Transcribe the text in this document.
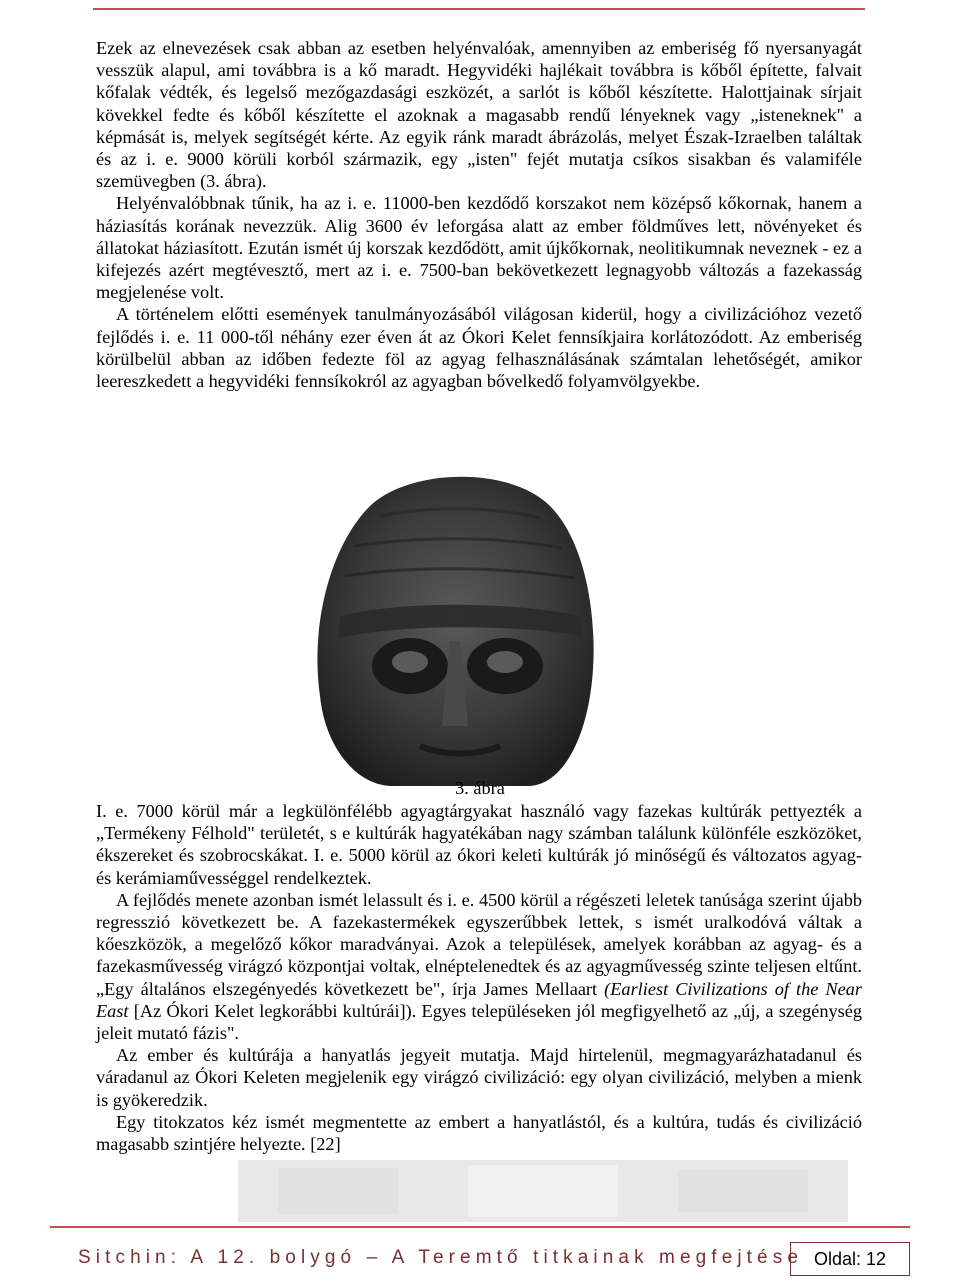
Ezek az elnevezések csak abban az esetben helyénvalóak, amennyiben az emberiség fő nyersanyagát vesszük alapul, ami továbbra is a kő maradt. Hegyvidéki hajlékait továbbra is kőből építette, falvait kőfalak védték, és legelső mezőgazdasági eszközét, a sarlót is kőből készítette. Halottjainak sírjait kövekkel fedte és kőből készítette el azoknak a magasabb rendű lényeknek vagy „isteneknek" a képmását is, melyek segítségét kérte. Az egyik ránk maradt ábrázolás, melyet Észak-Izraelben találtak és az i. e. 9000 körüli korból származik, egy „isten" fejét mutatja csíkos sisakban és valamiféle szemüvegben (3. ábra).

Helyénvalóbbnak tűnik, ha az i. e. 11000-ben kezdődő korszakot nem középső kőkornak, hanem a háziasítás korának nevezzük. Alig 3600 év leforgása alatt az ember földműves lett, növényeket és állatokat háziasított. Ezután ismét új korszak kezdődött, amit újkőkornak, neolitikumnak neveznek - ez a kifejezés azért megtévesztő, mert az i. e. 7500-ban bekövetkezett legnagyobb változás a fazekasság megjelenése volt.

A történelem előtti események tanulmányozásából világosan kiderül, hogy a civilizációhoz vezető fejlődés i. e. 11 000-től néhány ezer éven át az Ókori Kelet fennsíkjaira korlátozódott. Az emberiség körülbelül abban az időben fedezte föl az agyag felhasználásának számtalan lehetőségét, amikor leereszkedett a hegyvidéki fennsíkokról az agyagban bővelkedő folyamvölgyekbe.

3. ábra

I. e. 7000 körül már a legkülönfélébb agyagtárgyakat használó vagy fazekas kultúrák pettyezték a „Termékeny Félhold" területét, s e kultúrák hagyatékában nagy számban találunk különféle eszközöket, ékszereket és szobrocskákat. I. e. 5000 körül az ókori keleti kultúrák jó minőségű és változatos agyag- és kerámiaművességgel rendelkeztek.

A fejlődés menete azonban ismét lelassult és i. e. 4500 körül a régészeti leletek tanúsága szerint újabb regresszió következett be. A fazekastermékek egyszerűbbek lettek, s ismét uralkodóvá váltak a kőeszközök, a megelőző kőkor maradványai. Azok a települések, amelyek korábban az agyag- és a fazekasművesség virágzó központjai voltak, elnéptelenedtek és az agyagművesség szinte teljesen eltűnt. „Egy általános elszegényedés következett be", írja James Mellaart (Earliest Civilizations of the Near East [Az Ókori Kelet legkorábbi kultúrái]). Egyes településeken jól megfigyelhető az „új, a szegénység jeleit mutató fázis".

Az ember és kultúrája a hanyatlás jegyeit mutatja. Majd hirtelenül, megmagyarázhatadanul és váradanul az Ókori Keleten megjelenik egy virágzó civilizáció: egy olyan civilizáció, melyben a mienk is gyökeredzik.

Egy titokzatos kéz ismét megmentette az embert a hanyatlástól, és a kultúra, tudás és civilizáció magasabb szintjére helyezte. [22]

Sitchin: A 12. bolygó – A Teremtő titkainak megfejtése Oldal: 12
